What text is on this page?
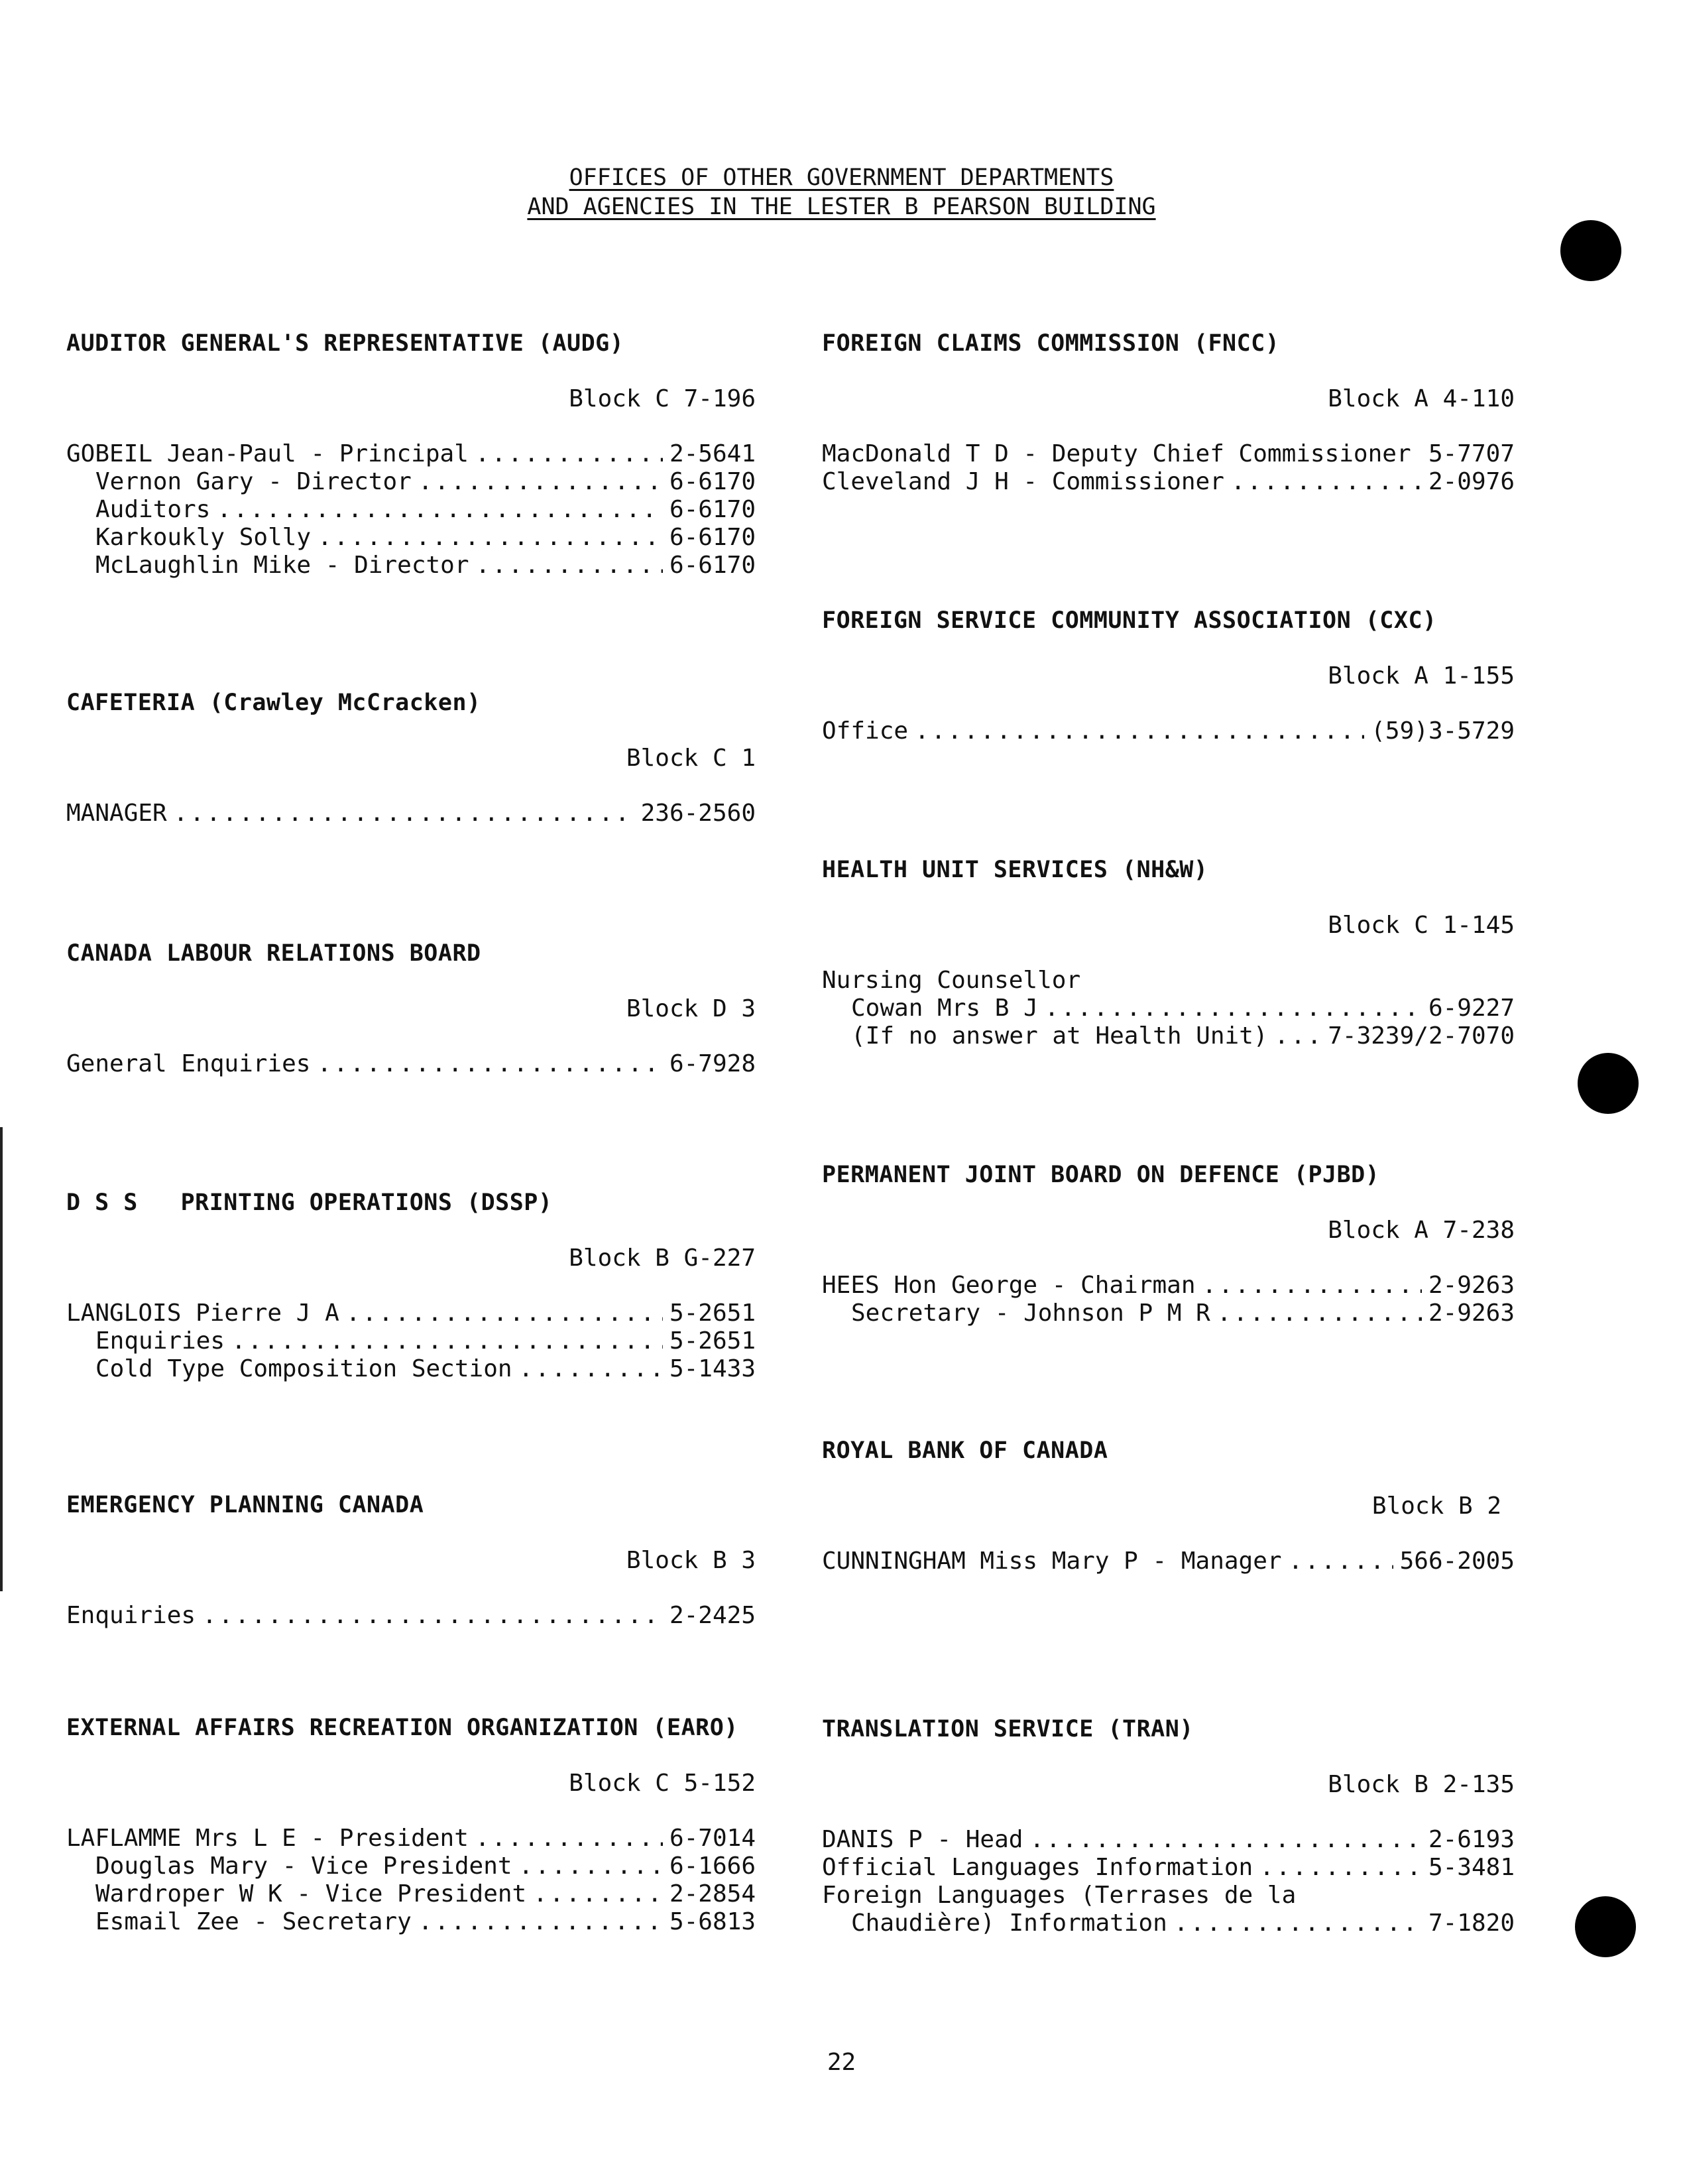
OFFICES OF OTHER GOVERNMENT DEPARTMENTS
AND AGENCIES IN THE LESTER B PEARSON BUILDING
AUDITOR GENERAL'S REPRESENTATIVE (AUDG)
Block C 7-196
GOBEIL Jean-Paul - Principal .....	2-5641
Vernon Gary - Director .....	6-6170
Auditors .....	6-6170
Karkoukly Solly .....	6-6170
McLaughlin Mike - Director .....	6-6170
CAFETERIA (Crawley McCracken)
Block C 1
MANAGER .....	236-2560
CANADA LABOUR RELATIONS BOARD
Block D 3
General Enquiries .....	6-7928
D S S   PRINTING OPERATIONS (DSSP)
Block B G-227
LANGLOIS Pierre J A .....	5-2651
Enquiries .....	5-2651
Cold Type Composition Section .....	5-1433
EMERGENCY PLANNING CANADA
Block B 3
Enquiries .....	2-2425
EXTERNAL AFFAIRS RECREATION ORGANIZATION (EARO)
Block C 5-152
LAFLAMME Mrs L E - President .....	6-7014
Douglas Mary - Vice President .....	6-1666
Wardroper W K - Vice President .....	2-2854
Esmail Zee - Secretary .....	5-6813
FOREIGN CLAIMS COMMISSION (FNCC)
Block A 4-110
MacDonald T D - Deputy Chief Commissioner ..... 5-7707
Cleveland J H - Commissioner .....	2-0976
FOREIGN SERVICE COMMUNITY ASSOCIATION (CXC)
Block A 1-155
Office .....	(59)3-5729
HEALTH UNIT SERVICES (NH&W)
Block C 1-145
Nursing Counsellor
Cowan Mrs B J .....	6-9227
(If no answer at Health Unit) .....	7-3239/2-7070
PERMANENT JOINT BOARD ON DEFENCE (PJBD)
Block A 7-238
HEES Hon George - Chairman .....	2-9263
Secretary - Johnson P M R .....	2-9263
ROYAL BANK OF CANADA
Block B 2
CUNNINGHAM Miss Mary P - Manager .....	566-2005
TRANSLATION SERVICE (TRAN)
Block B 2-135
DANIS P - Head .....	2-6193
Official Languages Information .....	5-3481
Foreign Languages (Terrases de la
Chaudière) Information .....	7-1820
22
